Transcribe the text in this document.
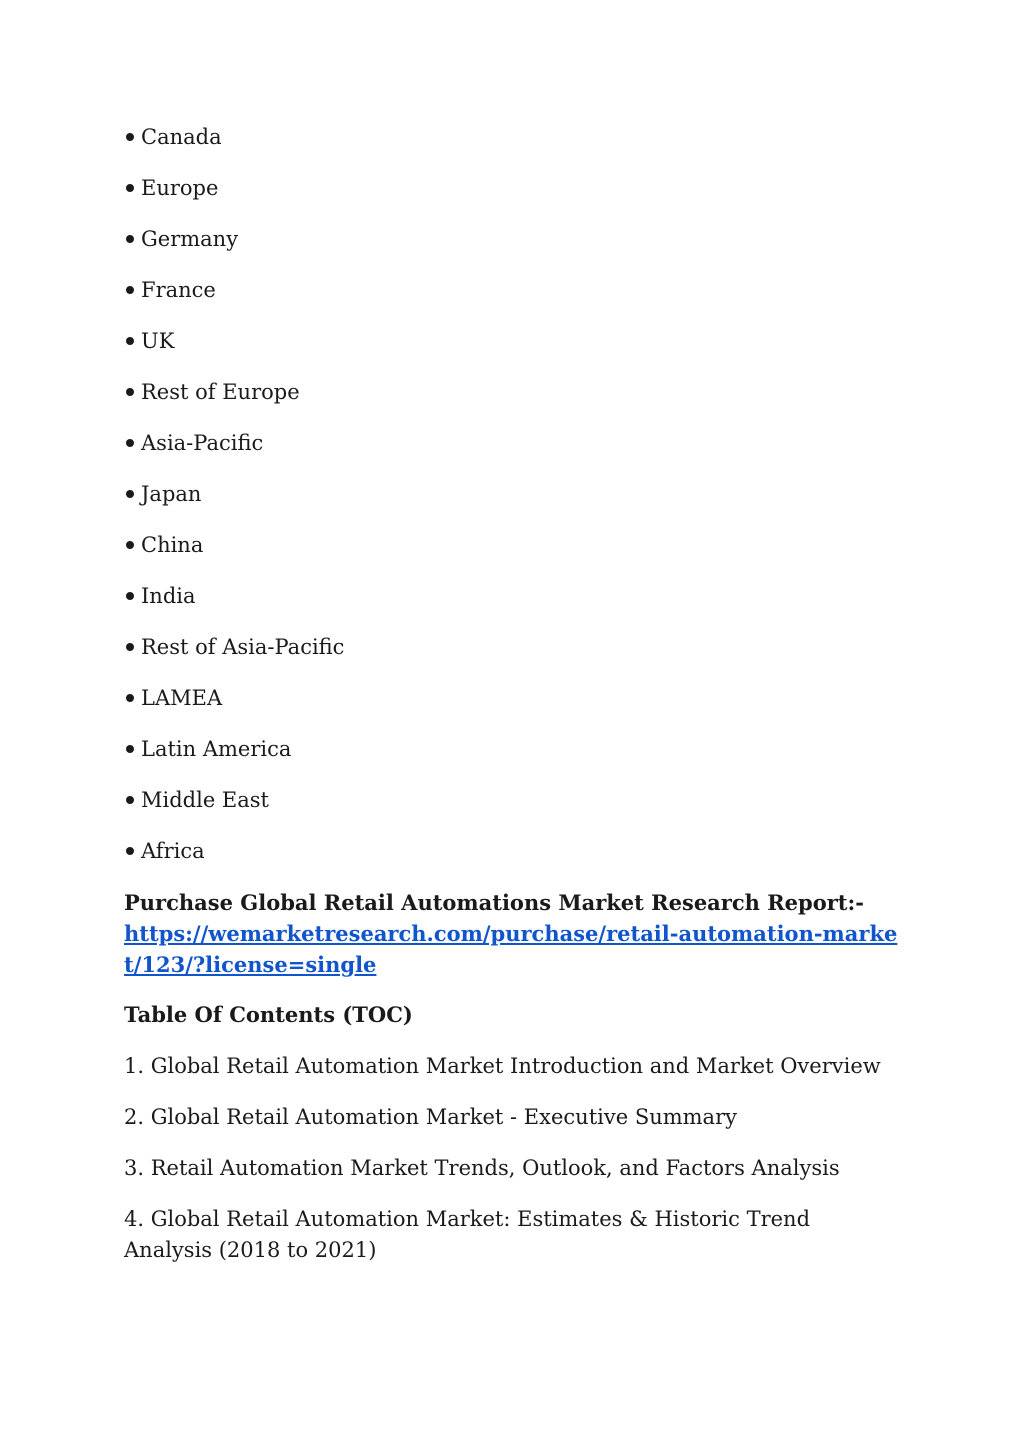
Canada
Europe
Germany
France
UK
Rest of Europe
Asia-Pacific
Japan
China
India
Rest of Asia-Pacific
LAMEA
Latin America
Middle East
Africa

Purchase Global Retail Automations Market Research Report:-
https://wemarketresearch.com/purchase/retail-automation-market/123/?license=single

Table Of Contents (TOC)

1. Global Retail Automation Market Introduction and Market Overview
2. Global Retail Automation Market - Executive Summary
3. Retail Automation Market Trends, Outlook, and Factors Analysis
4. Global Retail Automation Market: Estimates & Historic Trend Analysis (2018 to 2021)
